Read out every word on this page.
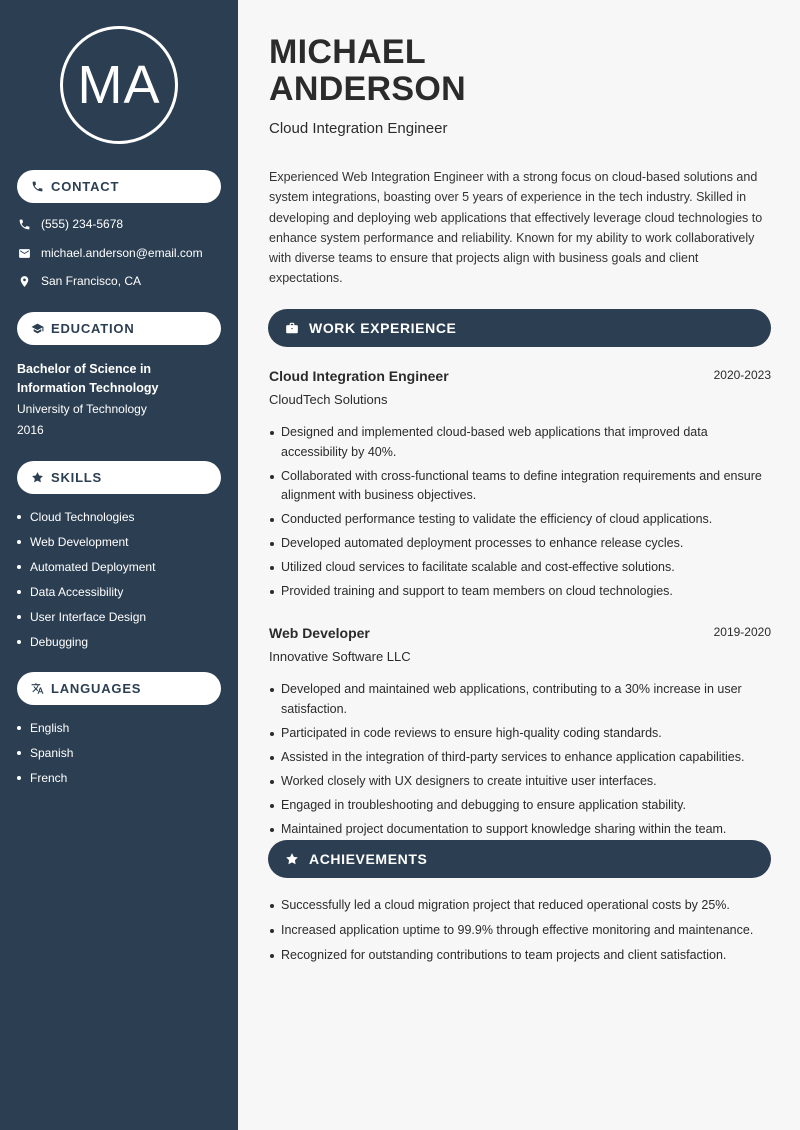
MA
CONTACT
(555) 234-5678
michael.anderson@email.com
San Francisco, CA
EDUCATION
Bachelor of Science in Information Technology
University of Technology
2016
SKILLS
Cloud Technologies
Web Development
Automated Deployment
Data Accessibility
User Interface Design
Debugging
LANGUAGES
English
Spanish
French
MICHAEL
ANDERSON
Cloud Integration Engineer

Experienced Web Integration Engineer with a strong focus on cloud-based solutions and system integrations, boasting over 5 years of experience in the tech industry. Skilled in developing and deploying web applications that effectively leverage cloud technologies to enhance system performance and reliability. Known for my ability to work collaboratively with diverse teams to ensure that projects align with business goals and client expectations.

WORK EXPERIENCE
Cloud Integration Engineer	2020-2023
CloudTech Solutions
Designed and implemented cloud-based web applications that improved data accessibility by 40%.
Collaborated with cross-functional teams to define integration requirements and ensure alignment with business objectives.
Conducted performance testing to validate the efficiency of cloud applications.
Developed automated deployment processes to enhance release cycles.
Utilized cloud services to facilitate scalable and cost-effective solutions.
Provided training and support to team members on cloud technologies.
Web Developer	2019-2020
Innovative Software LLC
Developed and maintained web applications, contributing to a 30% increase in user satisfaction.
Participated in code reviews to ensure high-quality coding standards.
Assisted in the integration of third-party services to enhance application capabilities.
Worked closely with UX designers to create intuitive user interfaces.
Engaged in troubleshooting and debugging to ensure application stability.
Maintained project documentation to support knowledge sharing within the team.
ACHIEVEMENTS
Successfully led a cloud migration project that reduced operational costs by 25%.
Increased application uptime to 99.9% through effective monitoring and maintenance.
Recognized for outstanding contributions to team projects and client satisfaction.
